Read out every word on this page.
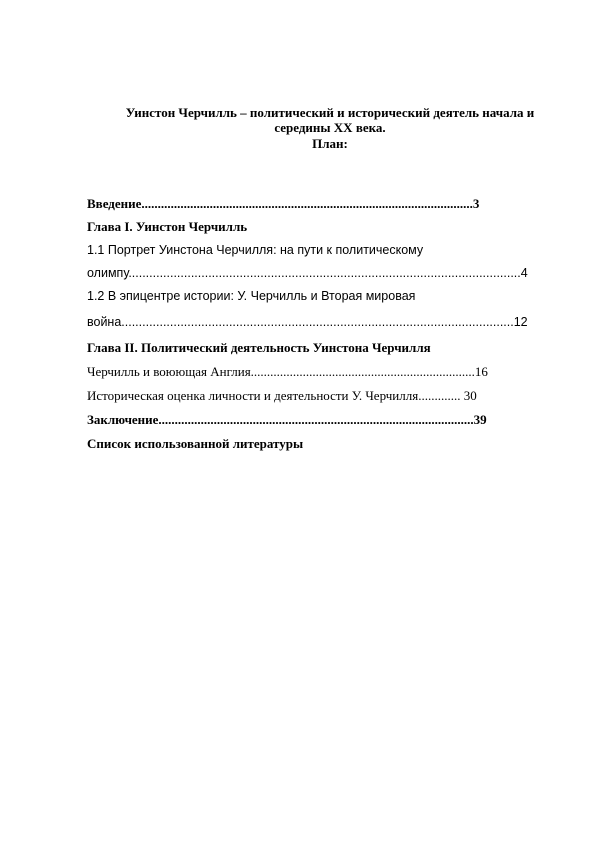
Уинстон Черчилль – политический и исторический деятель начала и
середины XX века.
План:
Введение......................................................................................................3
Глава I. Уинстон Черчилль
1.1 Портрет Уинстона Черчилля: на пути к политическому
олимпу.................................................................................................................4
1.2 В эпицентре истории: У. Черчилль и Вторая мировая
война.................................................................................................................12
Глава II. Политический деятельность Уинстона Черчилля
Черчилль и воюющая Англия.....................................................................16
Историческая оценка личности и деятельности У. Черчилля............. 30
Заключение.................................................................................................39
Список использованной литературы
